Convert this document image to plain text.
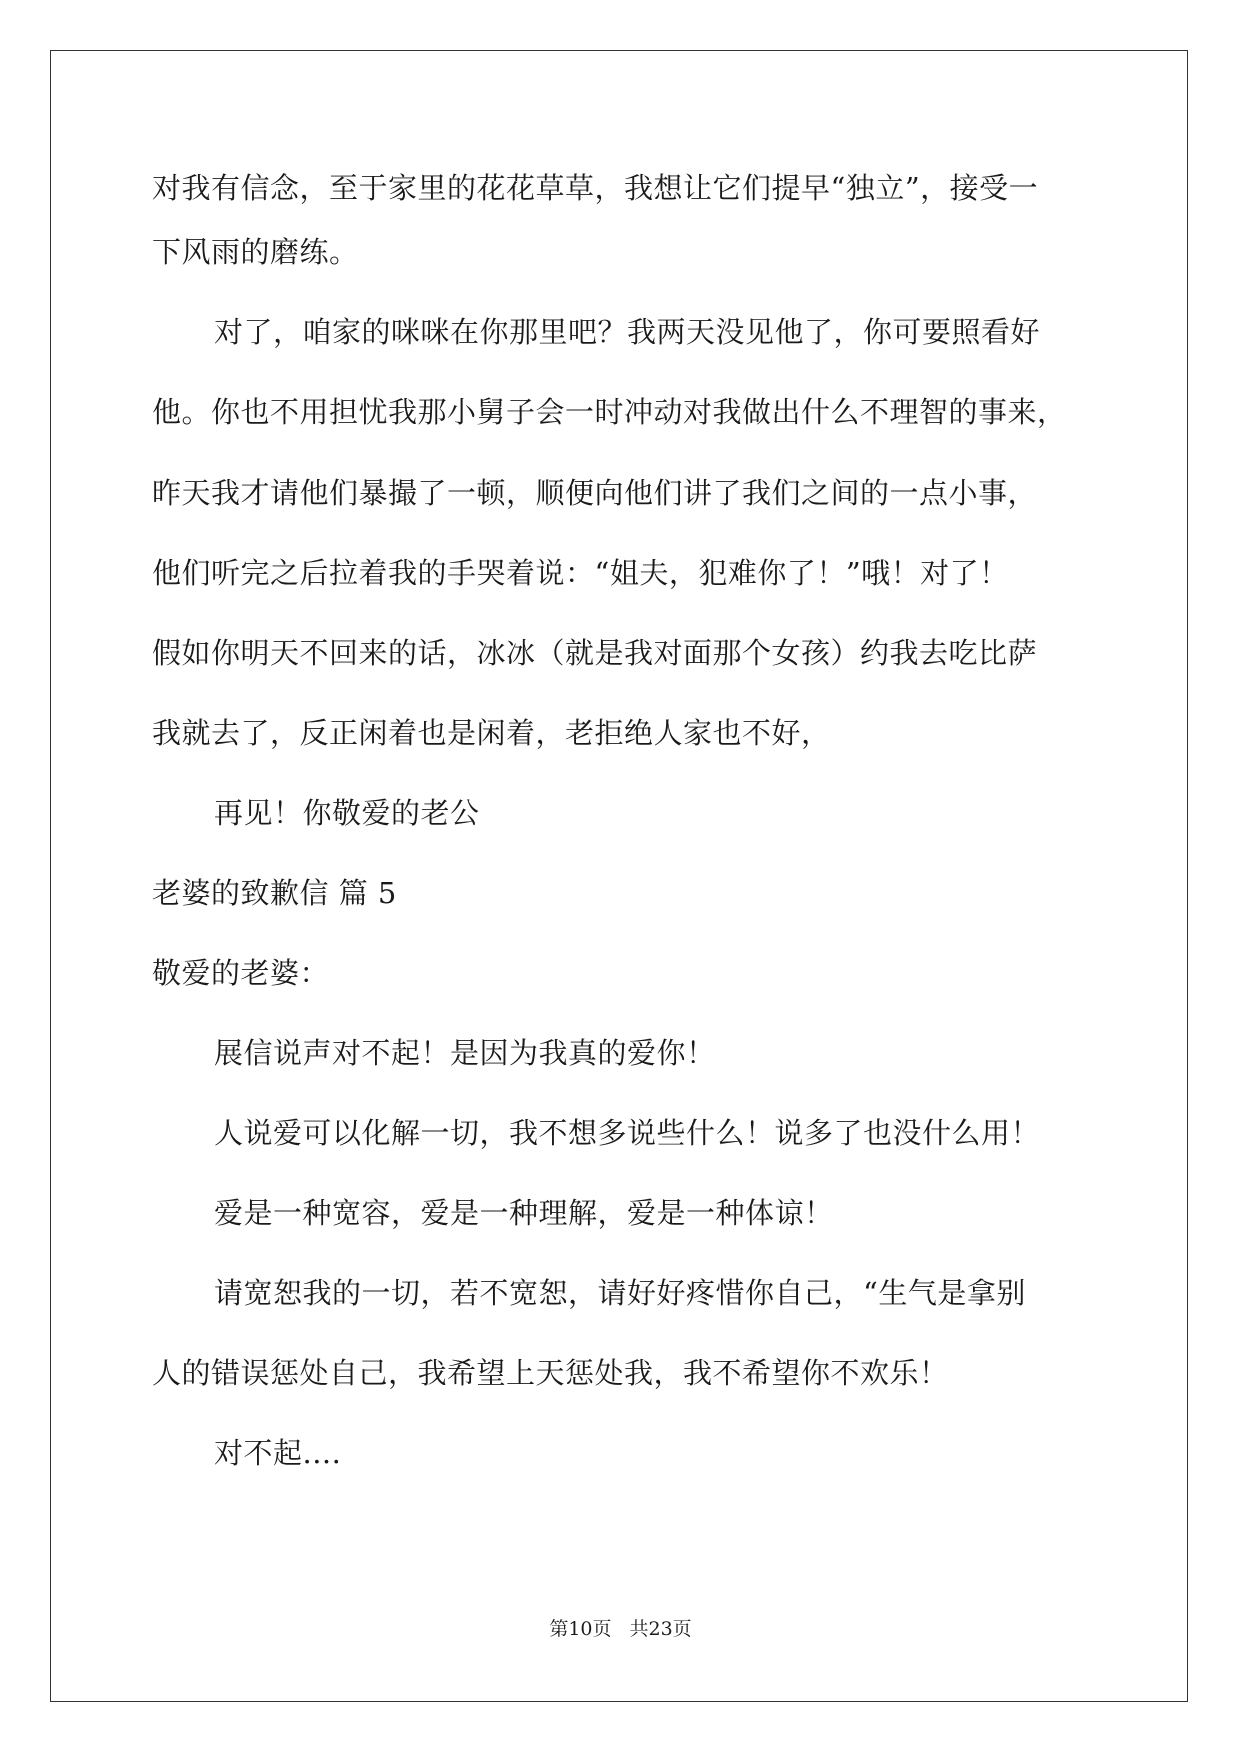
对我有信念，至于家里的花花草草，我想让它们提早“独立”，接受一
下风雨的磨练。
对了，咱家的咪咪在你那里吧？我两天没见他了，你可要照看好
他。你也不用担忧我那小舅子会一时冲动对我做出什么不理智的事来，
昨天我才请他们暴撮了一顿，顺便向他们讲了我们之间的一点小事，
他们听完之后拉着我的手哭着说：“姐夫，犯难你了！”哦！对了！
假如你明天不回来的话，冰冰（就是我对面那个女孩）约我去吃比萨
我就去了，反正闲着也是闲着，老拒绝人家也不好，
再见！你敬爱的老公
老婆的致歉信 篇 5
敬爱的老婆：
展信说声对不起！是因为我真的爱你！
人说爱可以化解一切，我不想多说些什么！说多了也没什么用！
爱是一种宽容，爱是一种理解，爱是一种体谅！
请宽恕我的一切，若不宽恕，请好好疼惜你自己，“生气是拿别
人的错误惩处自己，我希望上天惩处我，我不希望你不欢乐！
对不起....
第10页 共23页
